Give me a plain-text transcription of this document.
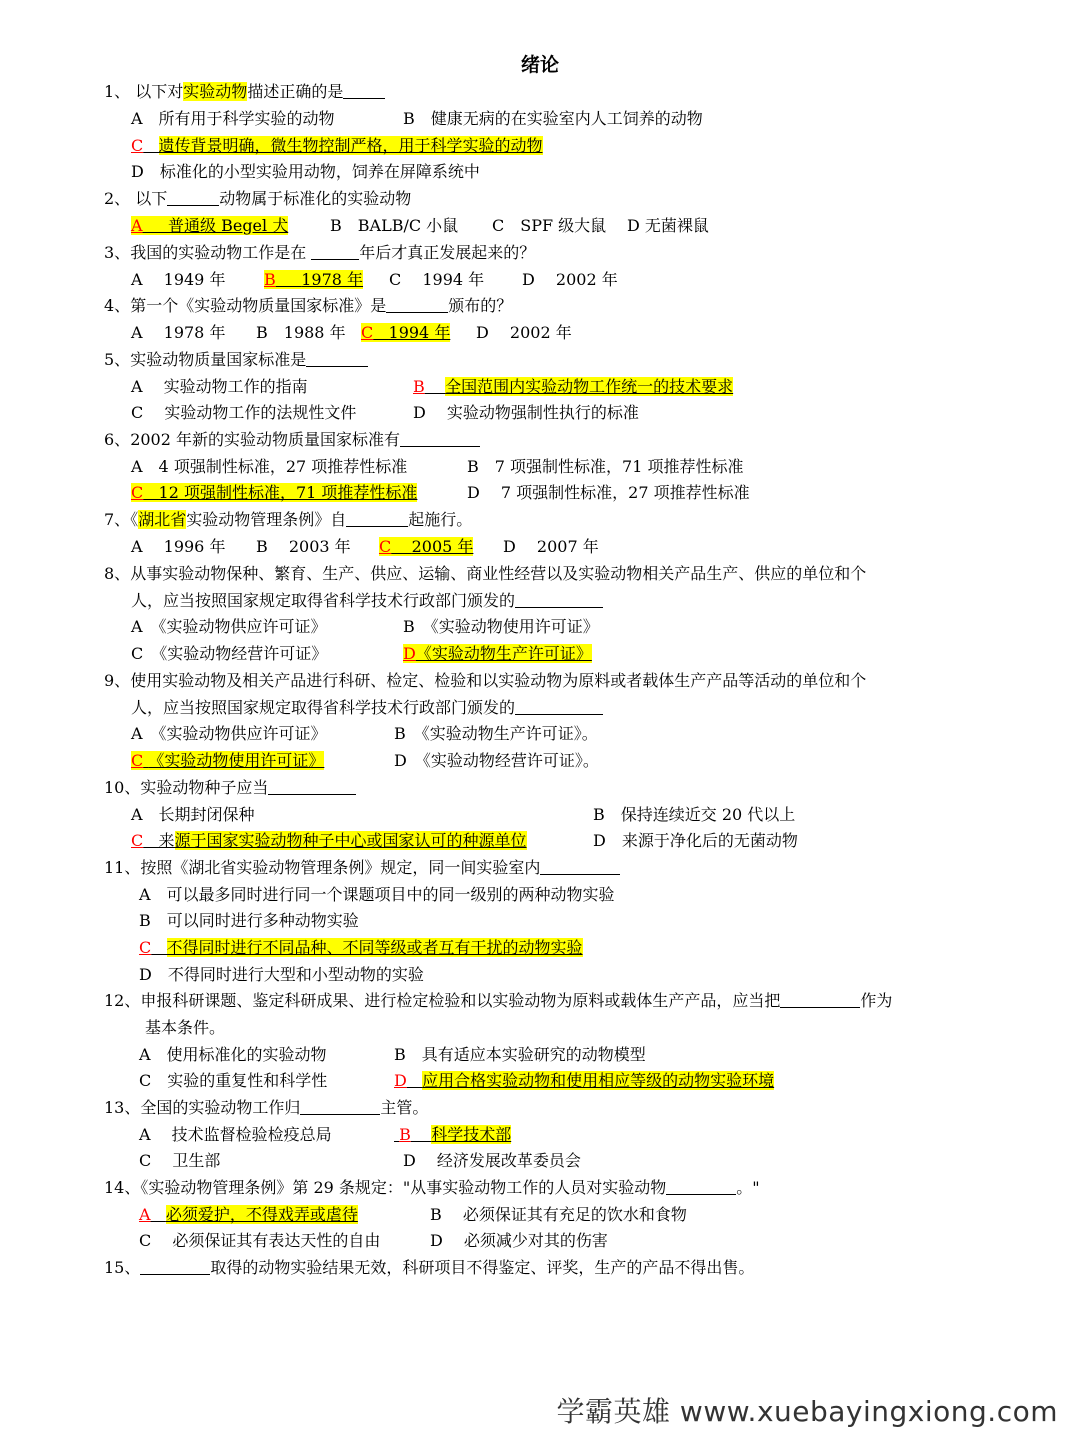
绪论
1、 以下对实验动物描述正确的是
A　所有用于科学实验的动物	B　健康无病的在实验室内人工饲养的动物
C 遗传背景明确，微生物控制严格，用于科学实验的动物
D　标准化的小型实验用动物，饲养在屏障系统中
2、 以下	动物属于标准化的实验动物
A 普通级 Begel 犬	B　BALB/C 小鼠 C　SPF 级大鼠 D 无菌裸鼠
3、我国的实验动物工作是在	年后才真正发展起来的？
A　 1949 年 B 1978 年 C　 1994 年 D　 2002 年
4、第一个《实验动物质量国家标准》是	颁布的？
A　 1978 年 B　1988 年 C 1994 年 D　 2002 年
5、实验动物质量国家标准是
A　 实验动物工作的指南	B 全国范围内实验动物工作统一的技术要求
C　 实验动物工作的法规性文件	D　 实验动物强制性执行的标准
6、2002 年新的实验动物质量国家标准有
A　4 项强制性标准，27 项推荐性标准	B　7 项强制性标准，71 项推荐性标准
C 12 项强制性标准，71 项推荐性标准	D　 7 项强制性标准，27 项推荐性标准
7、《湖北省实验动物管理条例》自	起施行。
A　 1996 年 B　 2003 年 C 2005 年 D　 2007 年
8、从事实验动物保种、繁育、生产、供应、运输、商业性经营以及实验动物相关产品生产、供应的单位和个
人，应当按照国家规定取得省科学技术行政部门颁发的
A　《实验动物供应许可证》	B　《实验动物使用许可证》
C　《实验动物经营许可证》	D《实验动物生产许可证》
9、使用实验动物及相关产品进行科研、检定、检验和以实验动物为原料或者载体生产产品等活动的单位和个
人，应当按照国家规定取得省科学技术行政部门颁发的
A　《实验动物供应许可证》	B　《实验动物生产许可证》。
C 《实验动物使用许可证》	D　《实验动物经营许可证》。
10、实验动物种子应当
A　长期封闭保种	B　保持连续近交 20 代以上
C 来源于国家实验动物种子中心或国家认可的种源单位	D　来源于净化后的无菌动物
11、按照《湖北省实验动物管理条例》规定，同一间实验室内
A　可以最多同时进行同一个课题项目中的同一级别的两种动物实验
B　可以同时进行多种动物实验
C 不得同时进行不同品种、不同等级或者互有干扰的动物实验
D　不得同时进行大型和小型动物的实验
12、申报科研课题、鉴定科研成果、进行检定检验和以实验动物为原料或载体生产产品，应当把	作为
基本条件。
A　使用标准化的实验动物	B　具有适应本实验研究的动物模型
C　实验的重复性和科学性	D 应用合格实验动物和使用相应等级的动物实验环境
13、全国的实验动物工作归	主管。
A　 技术监督检验检疫总局	B 科学技术部
C　 卫生部	D　 经济发展改革委员会
14、《实验动物管理条例》第 29 条规定："从事实验动物工作的人员对实验动物	。"
A 必须爱护，不得戏弄或虐待	B　 必须保证其有充足的饮水和食物
C　 必须保证其有表达天性的自由	D　 必须减少对其的伤害
15、	取得的动物实验结果无效，科研项目不得鉴定、评奖，生产的产品不得出售。
学霸英雄 www.xuebayingxiong.com
